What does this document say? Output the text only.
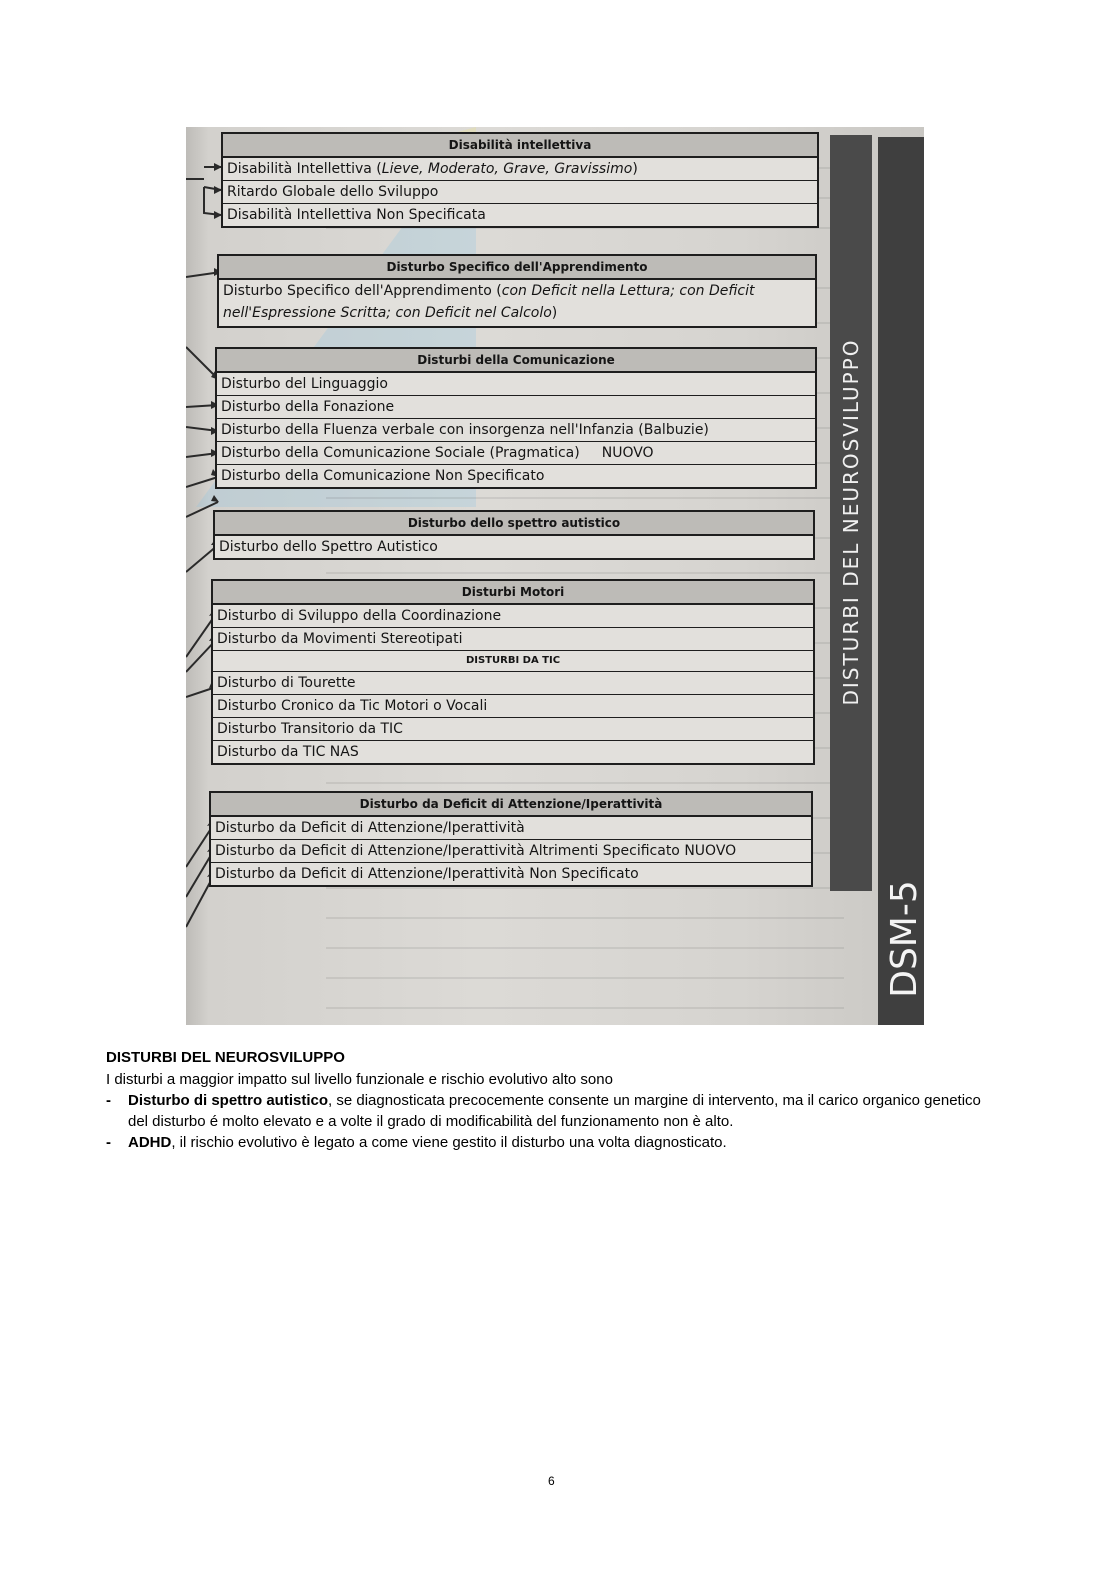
DISTURBI DEL NEUROSVILUPPO
DSM-5
Disabilità intellettiva
Disabilità Intellettiva (Lieve, Moderato, Grave, Gravissimo)
Ritardo Globale dello Sviluppo
Disabilità Intellettiva Non Specificata
Disturbo Specifico dell'Apprendimento
Disturbo Specifico dell'Apprendimento (con Deficit nella Lettura; con Deficit nell'Espressione Scritta; con Deficit nel Calcolo)
Disturbi della Comunicazione
Disturbo del Linguaggio
Disturbo della Fonazione
Disturbo della Fluenza verbale con insorgenza nell'Infanzia (Balbuzie)
Disturbo della Comunicazione Sociale (Pragmatica) NUOVO
Disturbo della Comunicazione Non Specificato
Disturbo dello spettro autistico
Disturbo dello Spettro Autistico
Disturbi Motori
Disturbo di Sviluppo della Coordinazione
Disturbo da Movimenti Stereotipati
DISTURBI DA TIC
Disturbo di Tourette
Disturbo Cronico da Tic Motori o Vocali
Disturbo Transitorio da TIC
Disturbo da TIC NAS
Disturbo da Deficit di Attenzione/Iperattività
Disturbo da Deficit di Attenzione/Iperattività
Disturbo da Deficit di Attenzione/Iperattività Altrimenti Specificato NUOVO
Disturbo da Deficit di Attenzione/Iperattività Non Specificato

DISTURBI DEL NEUROSVILUPPO

I disturbi a maggior impatto sul livello funzionale e rischio evolutivo alto sono

- Disturbo di spettro autistico, se diagnosticata precocemente consente un margine di intervento, ma il carico organico genetico del disturbo é molto elevato e a volte il grado di modificabilità del funzionamento non è alto.
- ADHD, il rischio evolutivo è legato a come viene gestito il disturbo una volta diagnosticato.
6
